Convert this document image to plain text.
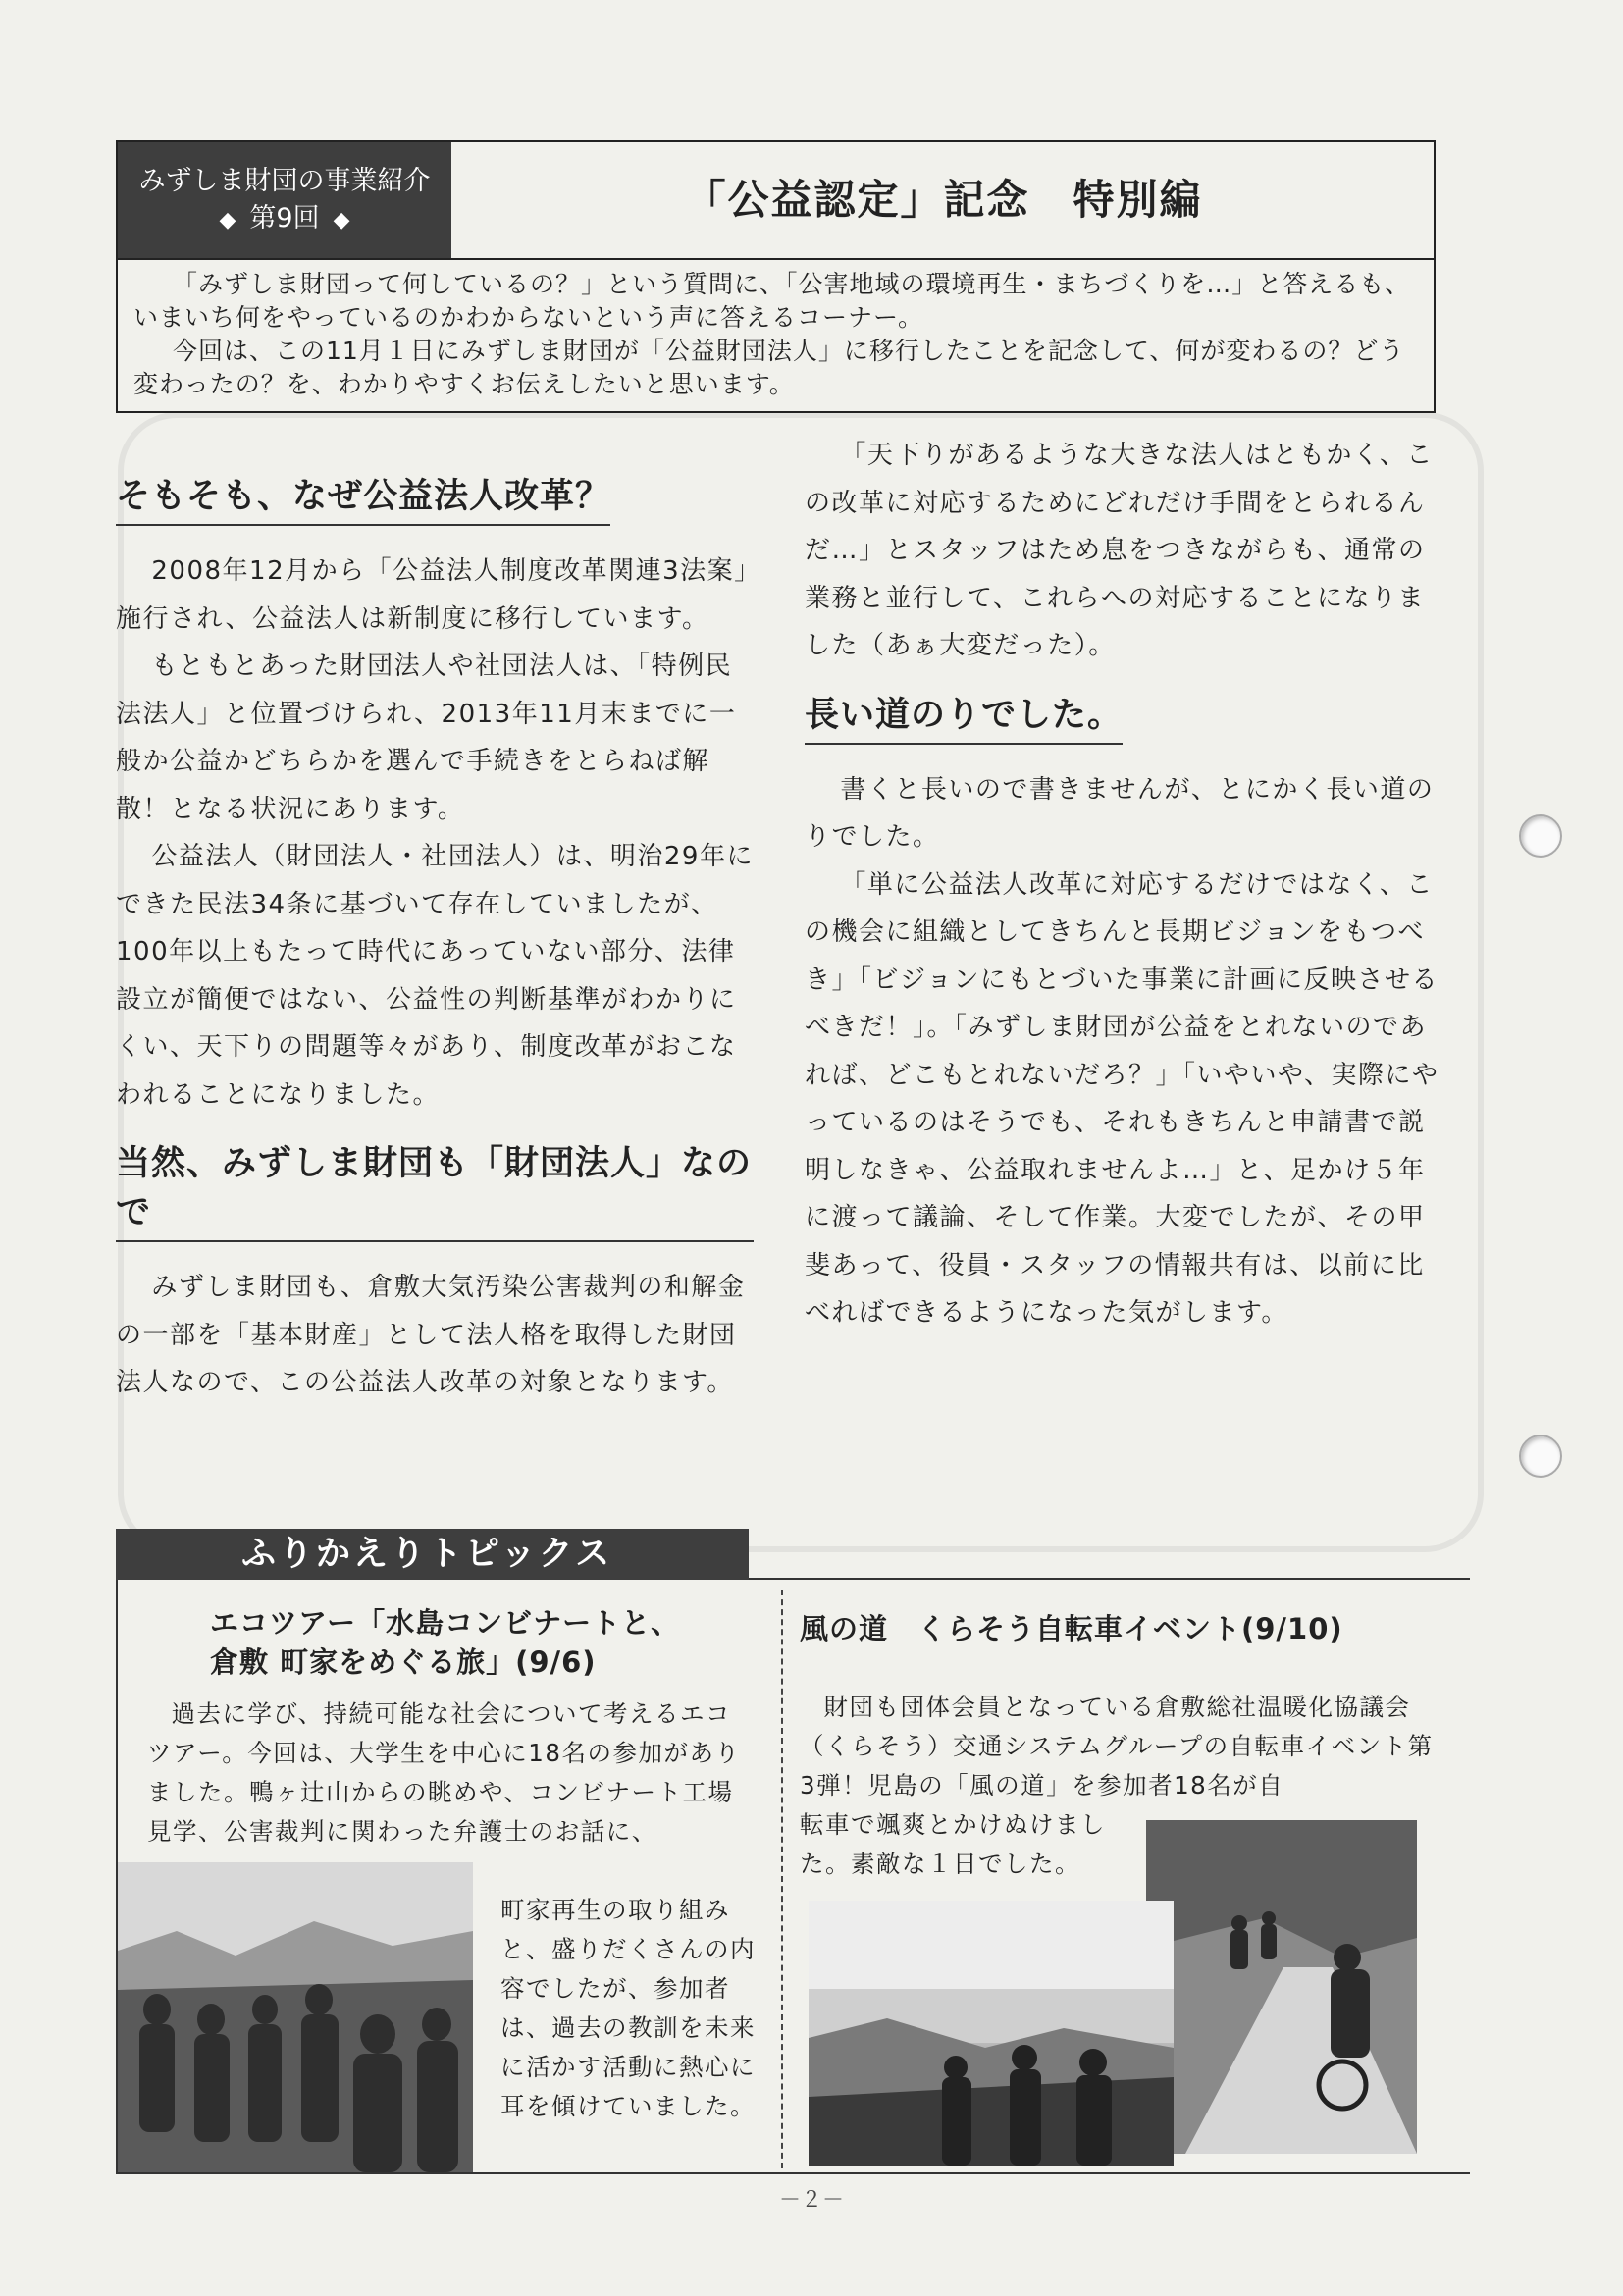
みずしま財団の事業紹介
◆ 第9回 ◆	「公益認定」記念　特別編

「みずしま財団って何しているの？」という質問に、「公害地域の環境再生・まちづくりを…」と答えるも、いまいち何をやっているのかわからないという声に答えるコーナー。

今回は、この11月１日にみずしま財団が「公益財団法人」に移行したことを記念して、何が変わるの？どう変わったの？を、わかりやすくお伝えしたいと思います。

そもそも、なぜ公益法人改革？

2008年12月から「公益法人制度改革関連3法案」施行され、公益法人は新制度に移行しています。

もともとあった財団法人や社団法人は、「特例民法法人」と位置づけられ、2013年11月末までに一般か公益かどちらかを選んで手続きをとらねば解散！となる状況にあります。

公益法人（財団法人・社団法人）は、明治29年にできた民法34条に基づいて存在していましたが、100年以上もたって時代にあっていない部分、法律設立が簡便ではない、公益性の判断基準がわかりにくい、天下りの問題等々があり、制度改革がおこなわれることになりました。

当然、みずしま財団も「財団法人」なので

みずしま財団も、倉敷大気汚染公害裁判の和解金の一部を「基本財産」として法人格を取得した財団法人なので、この公益法人改革の対象となります。

「天下りがあるような大きな法人はともかく、この改革に対応するためにどれだけ手間をとられるんだ…」とスタッフはため息をつきながらも、通常の業務と並行して、これらへの対応することになりました（あぁ大変だった）。

長い道のりでした。

書くと長いので書きませんが、とにかく長い道のりでした。

「単に公益法人改革に対応するだけではなく、この機会に組織としてきちんと長期ビジョンをもつべき」「ビジョンにもとづいた事業に計画に反映させるべきだ！」。「みずしま財団が公益をとれないのであれば、どこもとれないだろ？」「いやいや、実際にやっているのはそうでも、それもきちんと申請書で説明しなきゃ、公益取れませんよ…」と、足かけ５年に渡って議論、そして作業。大変でしたが、その甲斐あって、役員・スタッフの情報共有は、以前に比べればできるようになった気がします。

ふりかえりトピックス
エコツアー「水島コンビナートと、
倉敷 町家をめぐる旅」(9/6)

過去に学び、持続可能な社会について考えるエコツアー。今回は、大学生を中心に18名の参加がありました。鴨ヶ辻山からの眺めや、コンビナート工場見学、公害裁判に関わった弁護士のお話に、

町家再生の取り組みと、盛りだくさんの内容でしたが、参加者は、過去の教訓を未来に活かす活動に熱心に耳を傾けていました。
風の道　くらそう自転車イベント(9/10)

財団も団体会員となっている倉敷総社温暖化協議会（くらそう）交通システムグループの自転車イベント第3弾！児島の「風の道」を参加者18名が自

転車で颯爽とかけぬけました。素敵な１日でした。

－２－
